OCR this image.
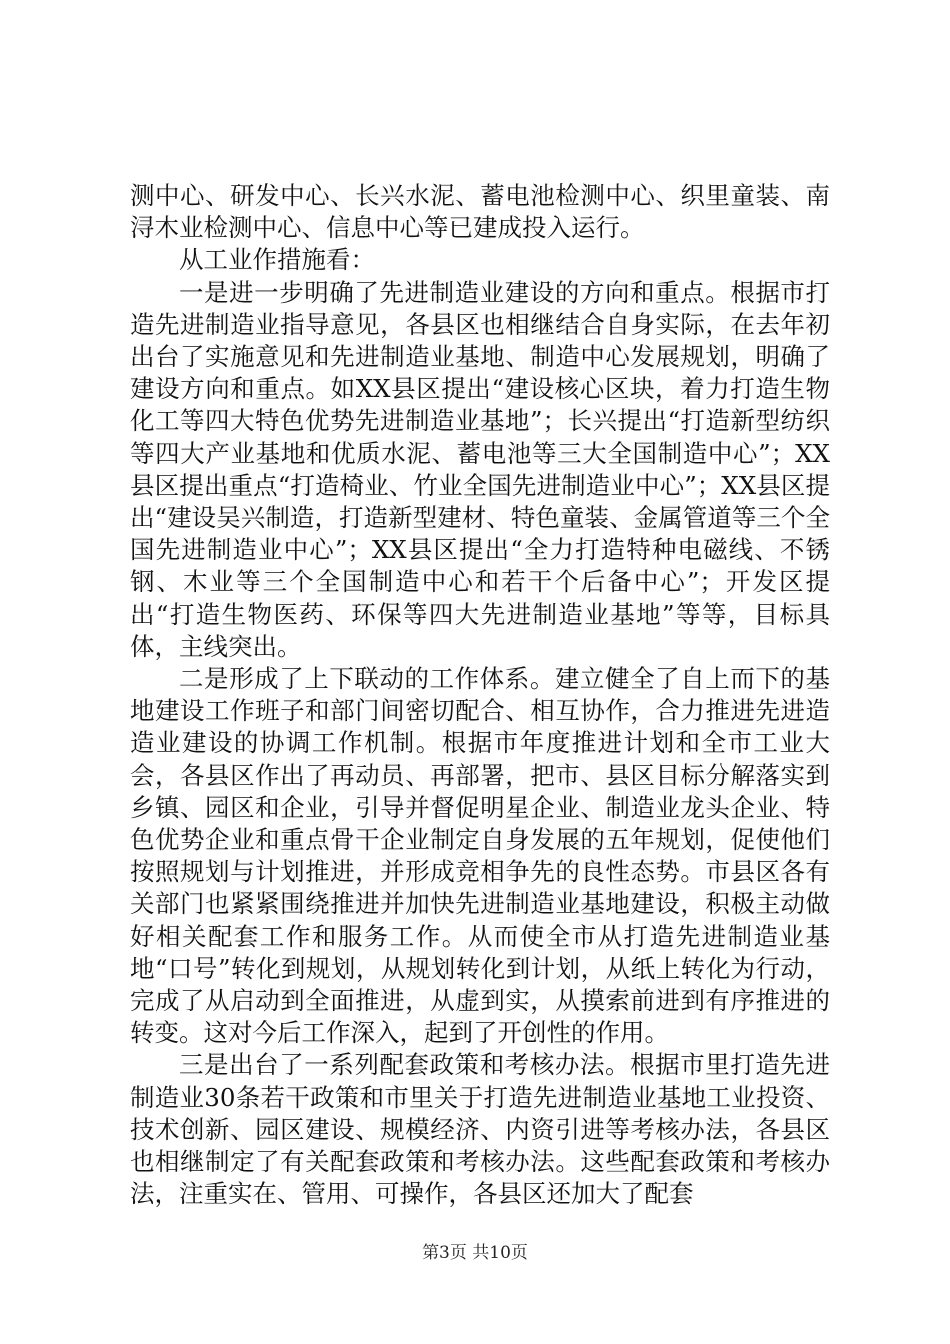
测中心、研发中心、长兴水泥、蓄电池检测中心、织里童装、南浔木业检测中心、信息中心等已建成投入运行。

从工业作措施看：

一是进一步明确了先进制造业建设的方向和重点。根据市打造先进制造业指导意见，各县区也相继结合自身实际，在去年初出台了实施意见和先进制造业基地、制造中心发展规划，明确了建设方向和重点。如XX县区提出“建设核心区块，着力打造生物化工等四大特色优势先进制造业基地”；长兴提出“打造新型纺织等四大产业基地和优质水泥、蓄电池等三大全国制造中心”；XX县区提出重点“打造椅业、竹业全国先进制造业中心”；XX县区提出“建设吴兴制造，打造新型建材、特色童装、金属管道等三个全国先进制造业中心”；XX县区提出“全力打造特种电磁线、不锈钢、木业等三个全国制造中心和若干个后备中心”；开发区提出“打造生物医药、环保等四大先进制造业基地”等等，目标具体，主线突出。

二是形成了上下联动的工作体系。建立健全了自上而下的基地建设工作班子和部门间密切配合、相互协作，合力推进先进造造业建设的协调工作机制。根据市年度推进计划和全市工业大会，各县区作出了再动员、再部署，把市、县区目标分解落实到乡镇、园区和企业，引导并督促明星企业、制造业龙头企业、特色优势企业和重点骨干企业制定自身发展的五年规划，促使他们按照规划与计划推进，并形成竞相争先的良性态势。市县区各有关部门也紧紧围绕推进并加快先进制造业基地建设，积极主动做好相关配套工作和服务工作。从而使全市从打造先进制造业基地“口号”转化到规划，从规划转化到计划，从纸上转化为行动，完成了从启动到全面推进，从虚到实，从摸索前进到有序推进的转变。这对今后工作深入，起到了开创性的作用。

三是出台了一系列配套政策和考核办法。根据市里打造先进制造业30条若干政策和市里关于打造先进制造业基地工业投资、技术创新、园区建设、规模经济、内资引进等考核办法，各县区也相继制定了有关配套政策和考核办法。这些配套政策和考核办法，注重实在、管用、可操作，各县区还加大了配套

第3页 共10页
